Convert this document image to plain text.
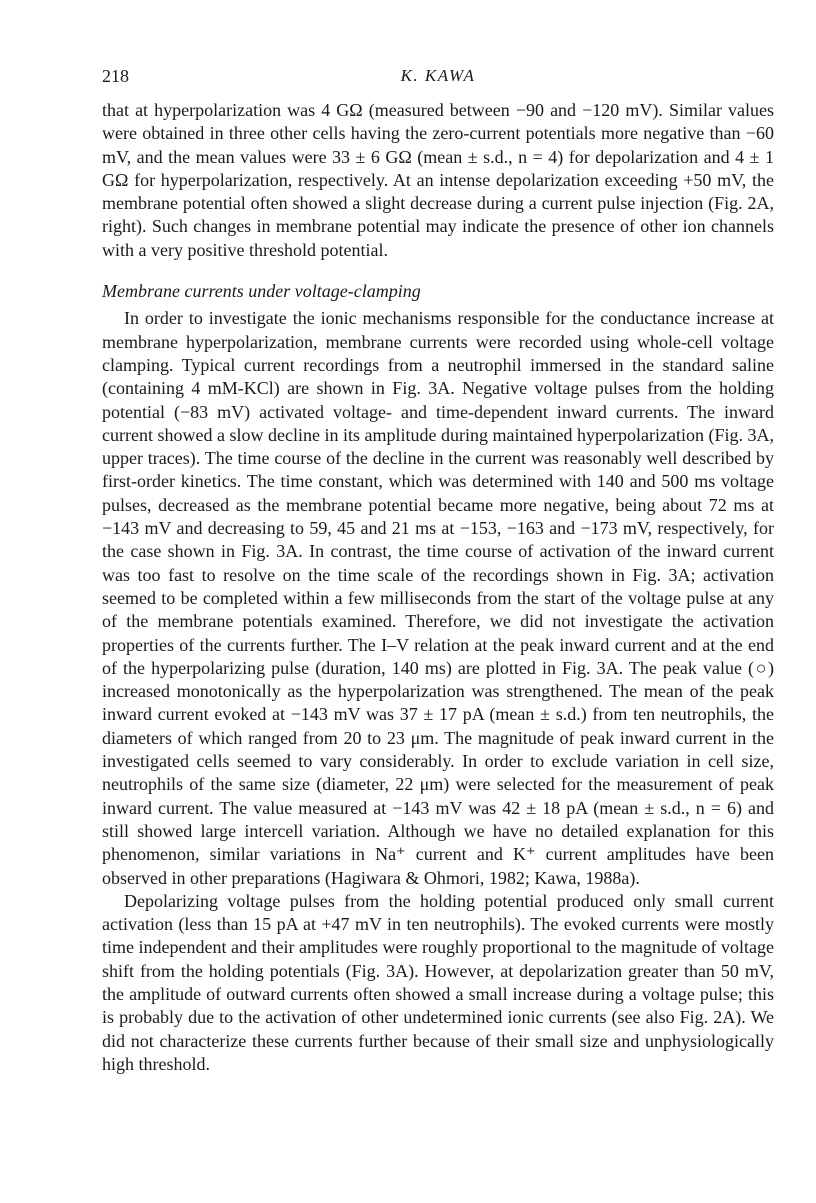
218	K. KAWA

that at hyperpolarization was 4 GΩ (measured between −90 and −120 mV). Similar values were obtained in three other cells having the zero-current potentials more negative than −60 mV, and the mean values were 33 ± 6 GΩ (mean ± s.d., n = 4) for depolarization and 4 ± 1 GΩ for hyperpolarization, respectively. At an intense depolarization exceeding +50 mV, the membrane potential often showed a slight decrease during a current pulse injection (Fig. 2A, right). Such changes in membrane potential may indicate the presence of other ion channels with a very positive threshold potential.

Membrane currents under voltage-clamping

In order to investigate the ionic mechanisms responsible for the conductance increase at membrane hyperpolarization, membrane currents were recorded using whole-cell voltage clamping. Typical current recordings from a neutrophil immersed in the standard saline (containing 4 mM-KCl) are shown in Fig. 3A. Negative voltage pulses from the holding potential (−83 mV) activated voltage- and time-dependent inward currents. The inward current showed a slow decline in its amplitude during maintained hyperpolarization (Fig. 3A, upper traces). The time course of the decline in the current was reasonably well described by first-order kinetics. The time constant, which was determined with 140 and 500 ms voltage pulses, decreased as the membrane potential became more negative, being about 72 ms at −143 mV and decreasing to 59, 45 and 21 ms at −153, −163 and −173 mV, respectively, for the case shown in Fig. 3A. In contrast, the time course of activation of the inward current was too fast to resolve on the time scale of the recordings shown in Fig. 3A; activation seemed to be completed within a few milliseconds from the start of the voltage pulse at any of the membrane potentials examined. Therefore, we did not investigate the activation properties of the currents further. The I–V relation at the peak inward current and at the end of the hyperpolarizing pulse (duration, 140 ms) are plotted in Fig. 3A. The peak value (○) increased monotonically as the hyperpolarization was strengthened. The mean of the peak inward current evoked at −143 mV was 37 ± 17 pA (mean ± s.d.) from ten neutrophils, the diameters of which ranged from 20 to 23 μm. The magnitude of peak inward current in the investigated cells seemed to vary considerably. In order to exclude variation in cell size, neutrophils of the same size (diameter, 22 μm) were selected for the measurement of peak inward current. The value measured at −143 mV was 42 ± 18 pA (mean ± s.d., n = 6) and still showed large intercell variation. Although we have no detailed explanation for this phenomenon, similar variations in Na⁺ current and K⁺ current amplitudes have been observed in other preparations (Hagiwara & Ohmori, 1982; Kawa, 1988a).

Depolarizing voltage pulses from the holding potential produced only small current activation (less than 15 pA at +47 mV in ten neutrophils). The evoked currents were mostly time independent and their amplitudes were roughly proportional to the magnitude of voltage shift from the holding potentials (Fig. 3A). However, at depolarization greater than 50 mV, the amplitude of outward currents often showed a small increase during a voltage pulse; this is probably due to the activation of other undetermined ionic currents (see also Fig. 2A). We did not characterize these currents further because of their small size and unphysiologically high threshold.
